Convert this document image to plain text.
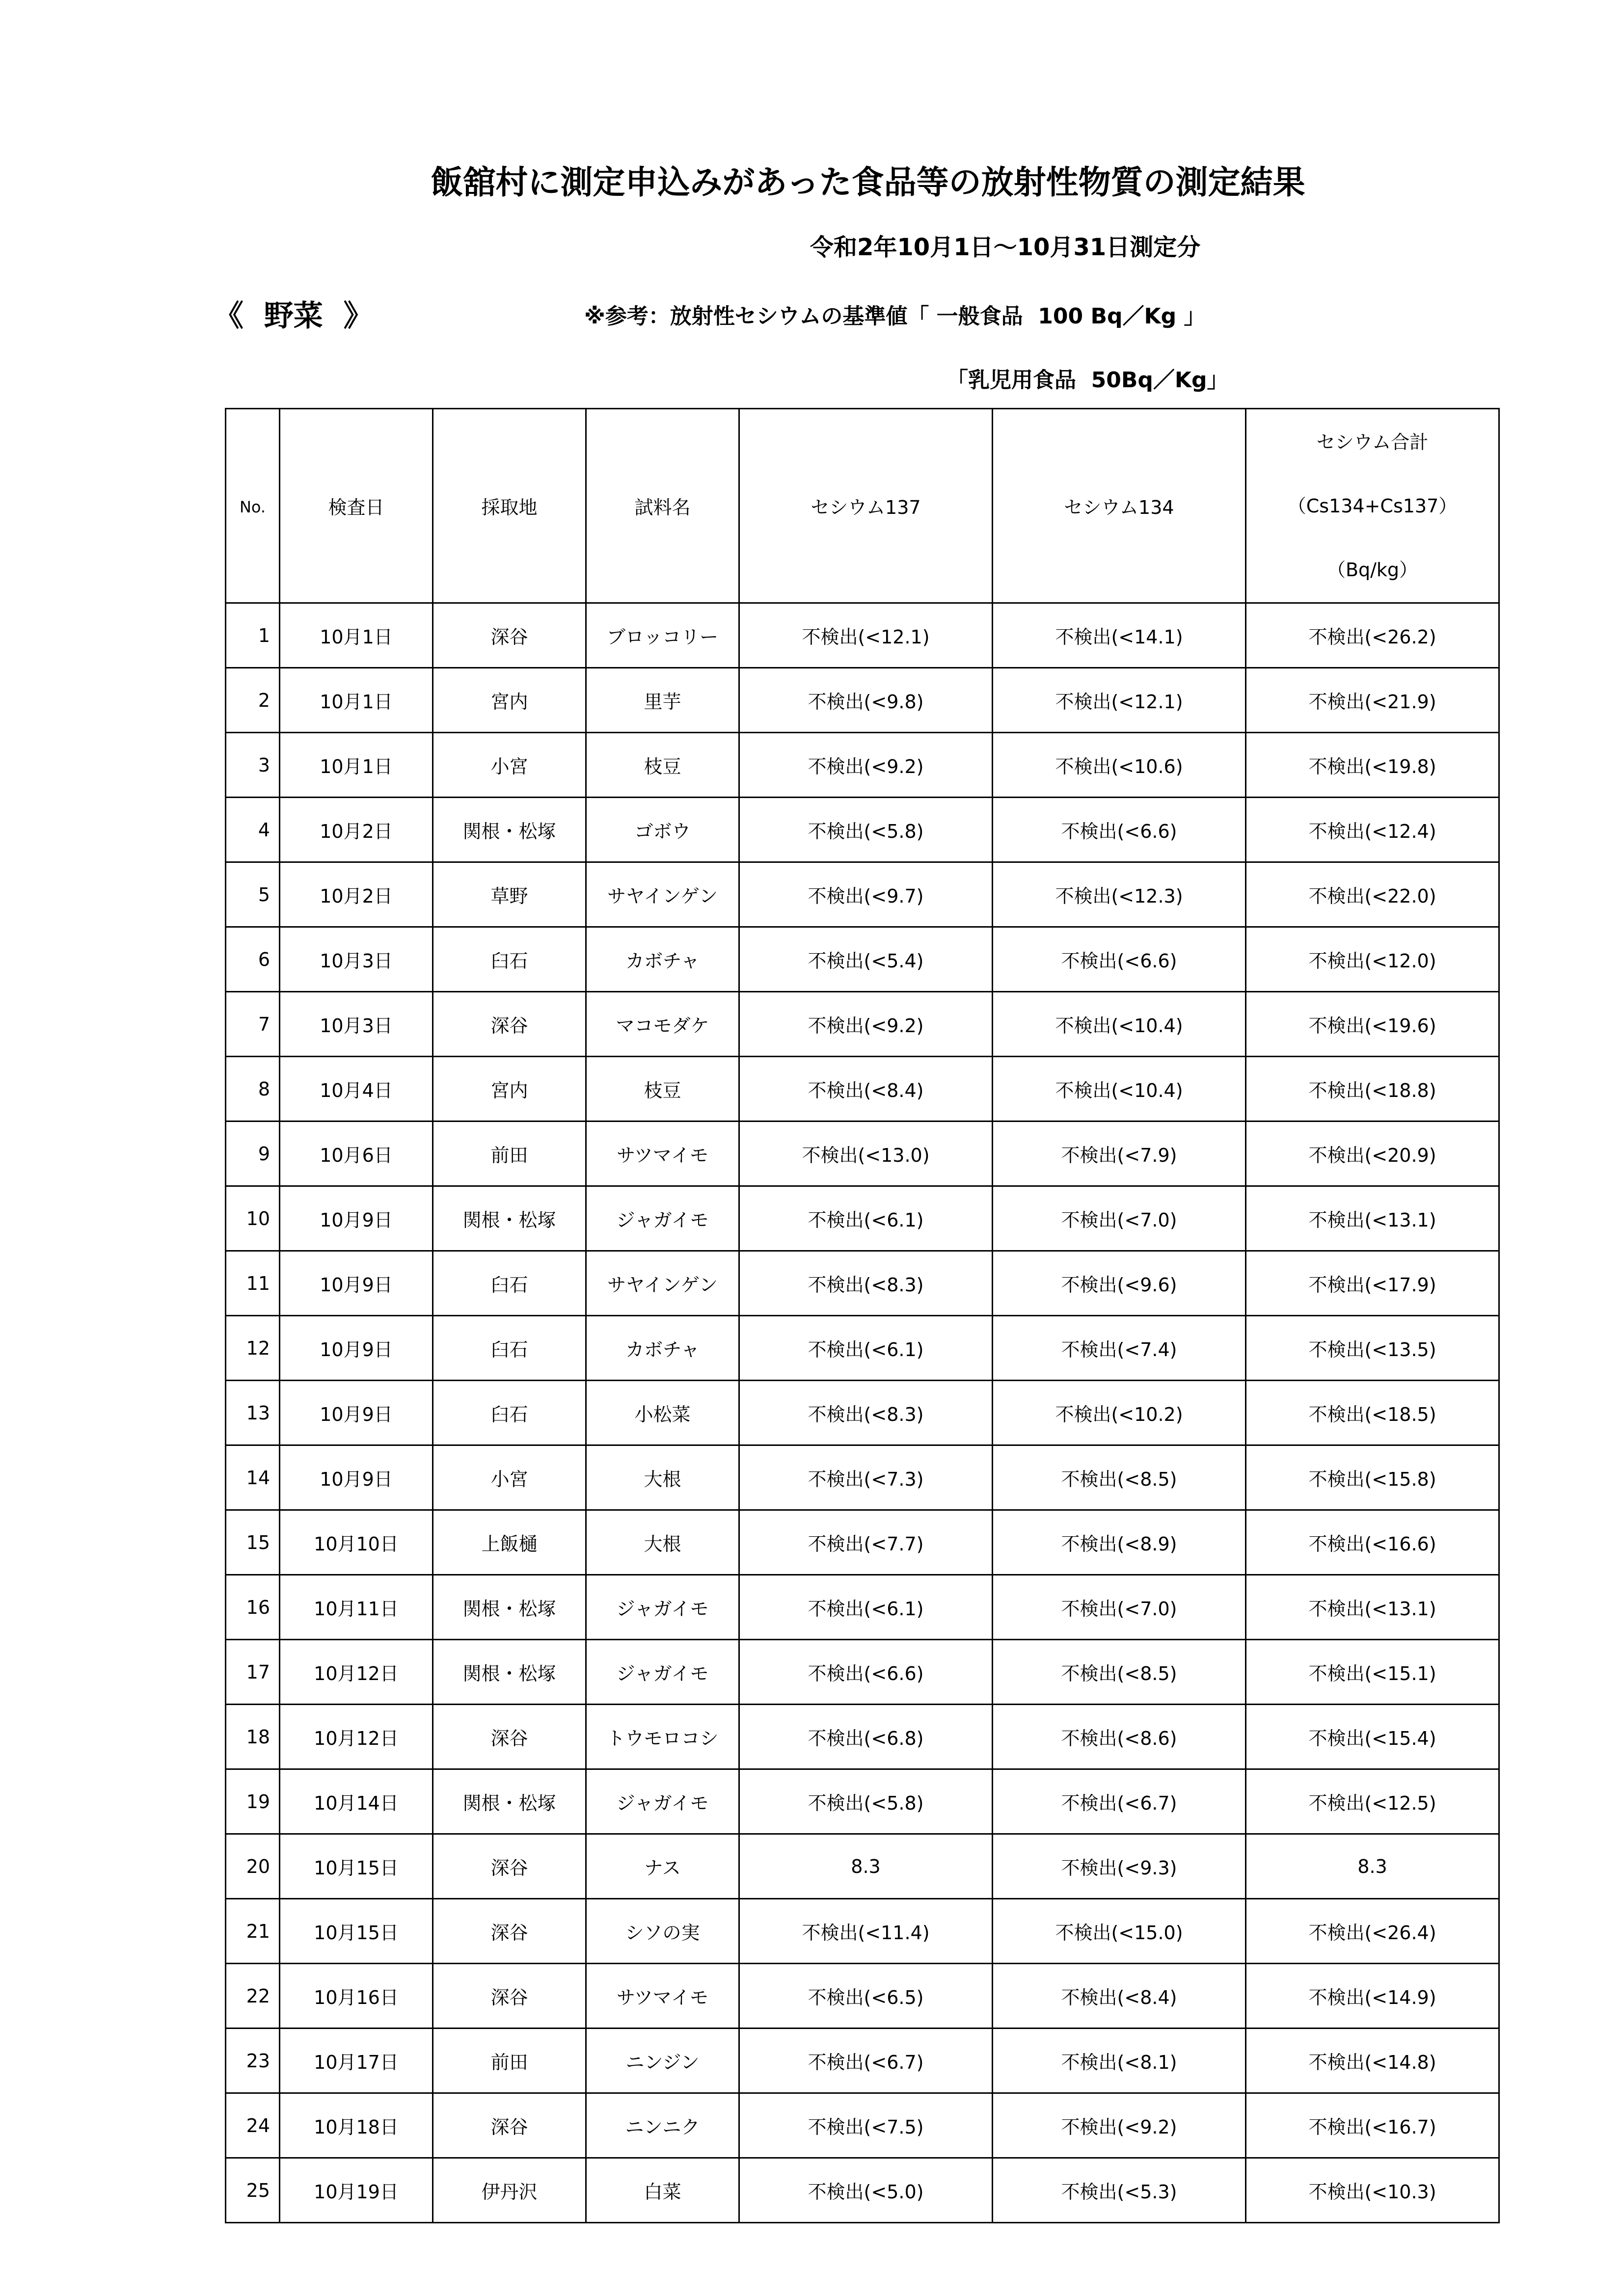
飯舘村に測定申込みがあった食品等の放射性物質の測定結果
令和2年10月1日～10月31日測定分
《  野菜  》	※参考：放射性セシウムの基準値「 一般食品  100 Bq／Kg 」
「乳児用食品  50Bq／Kg」
No.	検査日	採取地	試料名	セシウム137	セシウム134	セシウム合計
（Cs134+Cs137）
（Bq/kg）

1	10月1日	深谷	ブロッコリー	不検出(<12.1)	不検出(<14.1)	不検出(<26.2)
2	10月1日	宮内	里芋	不検出(<9.8)	不検出(<12.1)	不検出(<21.9)
3	10月1日	小宮	枝豆	不検出(<9.2)	不検出(<10.6)	不検出(<19.8)
4	10月2日	関根・松塚	ゴボウ	不検出(<5.8)	不検出(<6.6)	不検出(<12.4)
5	10月2日	草野	サヤインゲン	不検出(<9.7)	不検出(<12.3)	不検出(<22.0)
6	10月3日	臼石	カボチャ	不検出(<5.4)	不検出(<6.6)	不検出(<12.0)
7	10月3日	深谷	マコモダケ	不検出(<9.2)	不検出(<10.4)	不検出(<19.6)
8	10月4日	宮内	枝豆	不検出(<8.4)	不検出(<10.4)	不検出(<18.8)
9	10月6日	前田	サツマイモ	不検出(<13.0)	不検出(<7.9)	不検出(<20.9)
10	10月9日	関根・松塚	ジャガイモ	不検出(<6.1)	不検出(<7.0)	不検出(<13.1)
11	10月9日	臼石	サヤインゲン	不検出(<8.3)	不検出(<9.6)	不検出(<17.9)
12	10月9日	臼石	カボチャ	不検出(<6.1)	不検出(<7.4)	不検出(<13.5)
13	10月9日	臼石	小松菜	不検出(<8.3)	不検出(<10.2)	不検出(<18.5)
14	10月9日	小宮	大根	不検出(<7.3)	不検出(<8.5)	不検出(<15.8)
15	10月10日	上飯樋	大根	不検出(<7.7)	不検出(<8.9)	不検出(<16.6)
16	10月11日	関根・松塚	ジャガイモ	不検出(<6.1)	不検出(<7.0)	不検出(<13.1)
17	10月12日	関根・松塚	ジャガイモ	不検出(<6.6)	不検出(<8.5)	不検出(<15.1)
18	10月12日	深谷	トウモロコシ	不検出(<6.8)	不検出(<8.6)	不検出(<15.4)
19	10月14日	関根・松塚	ジャガイモ	不検出(<5.8)	不検出(<6.7)	不検出(<12.5)
20	10月15日	深谷	ナス	8.3	不検出(<9.3)	8.3
21	10月15日	深谷	シソの実	不検出(<11.4)	不検出(<15.0)	不検出(<26.4)
22	10月16日	深谷	サツマイモ	不検出(<6.5)	不検出(<8.4)	不検出(<14.9)
23	10月17日	前田	ニンジン	不検出(<6.7)	不検出(<8.1)	不検出(<14.8)
24	10月18日	深谷	ニンニク	不検出(<7.5)	不検出(<9.2)	不検出(<16.7)
25	10月19日	伊丹沢	白菜	不検出(<5.0)	不検出(<5.3)	不検出(<10.3)
